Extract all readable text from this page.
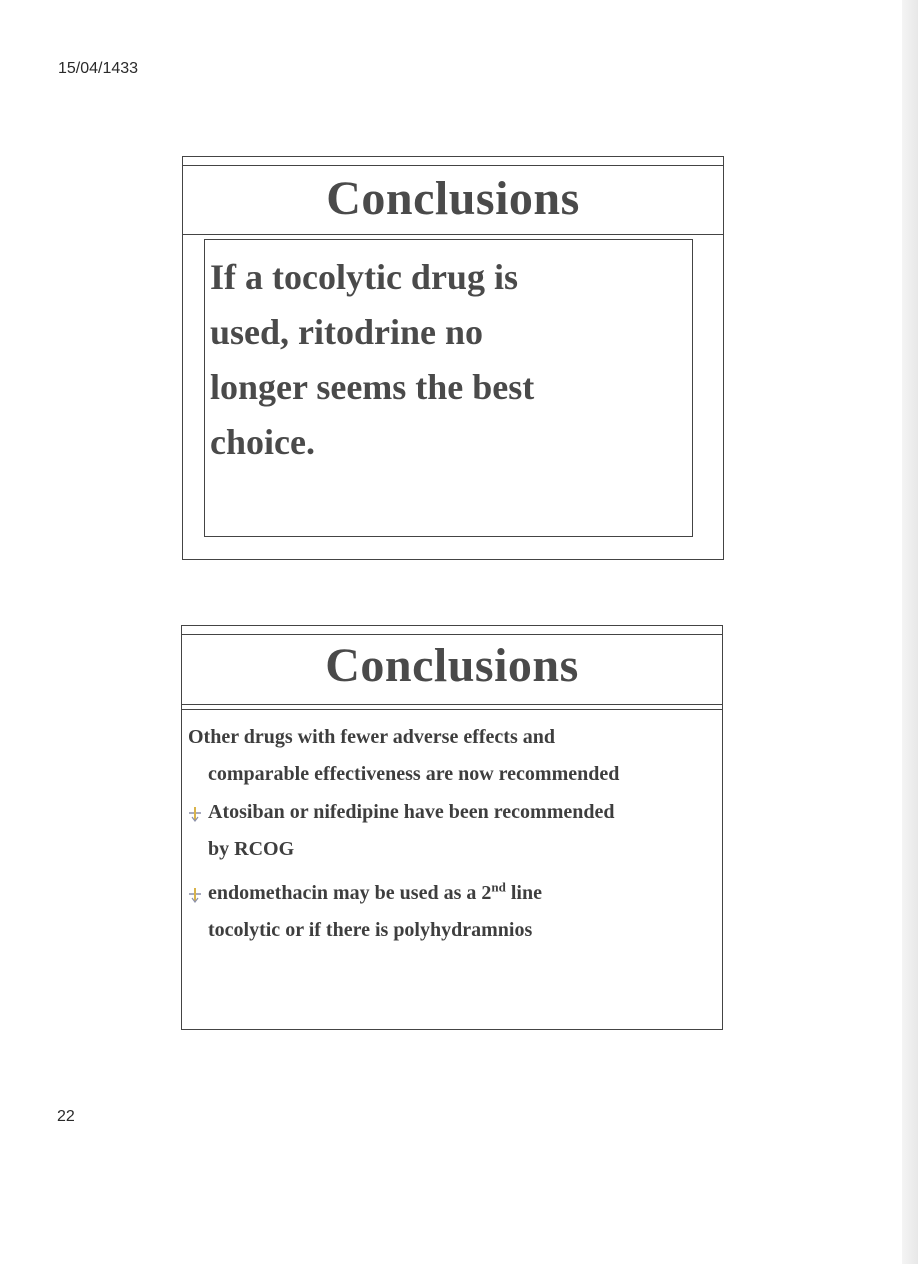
15/04/1433
Conclusions

If a tocolytic drug is
used, ritodrine no
longer seems the best
choice.

Conclusions

Other drugs with fewer adverse effects and
comparable effectiveness are now recommended

Atosiban or nifedipine have been recommended
by RCOG
endomethacin may be used as a 2nd line
tocolytic or if there is polyhydramnios
22
